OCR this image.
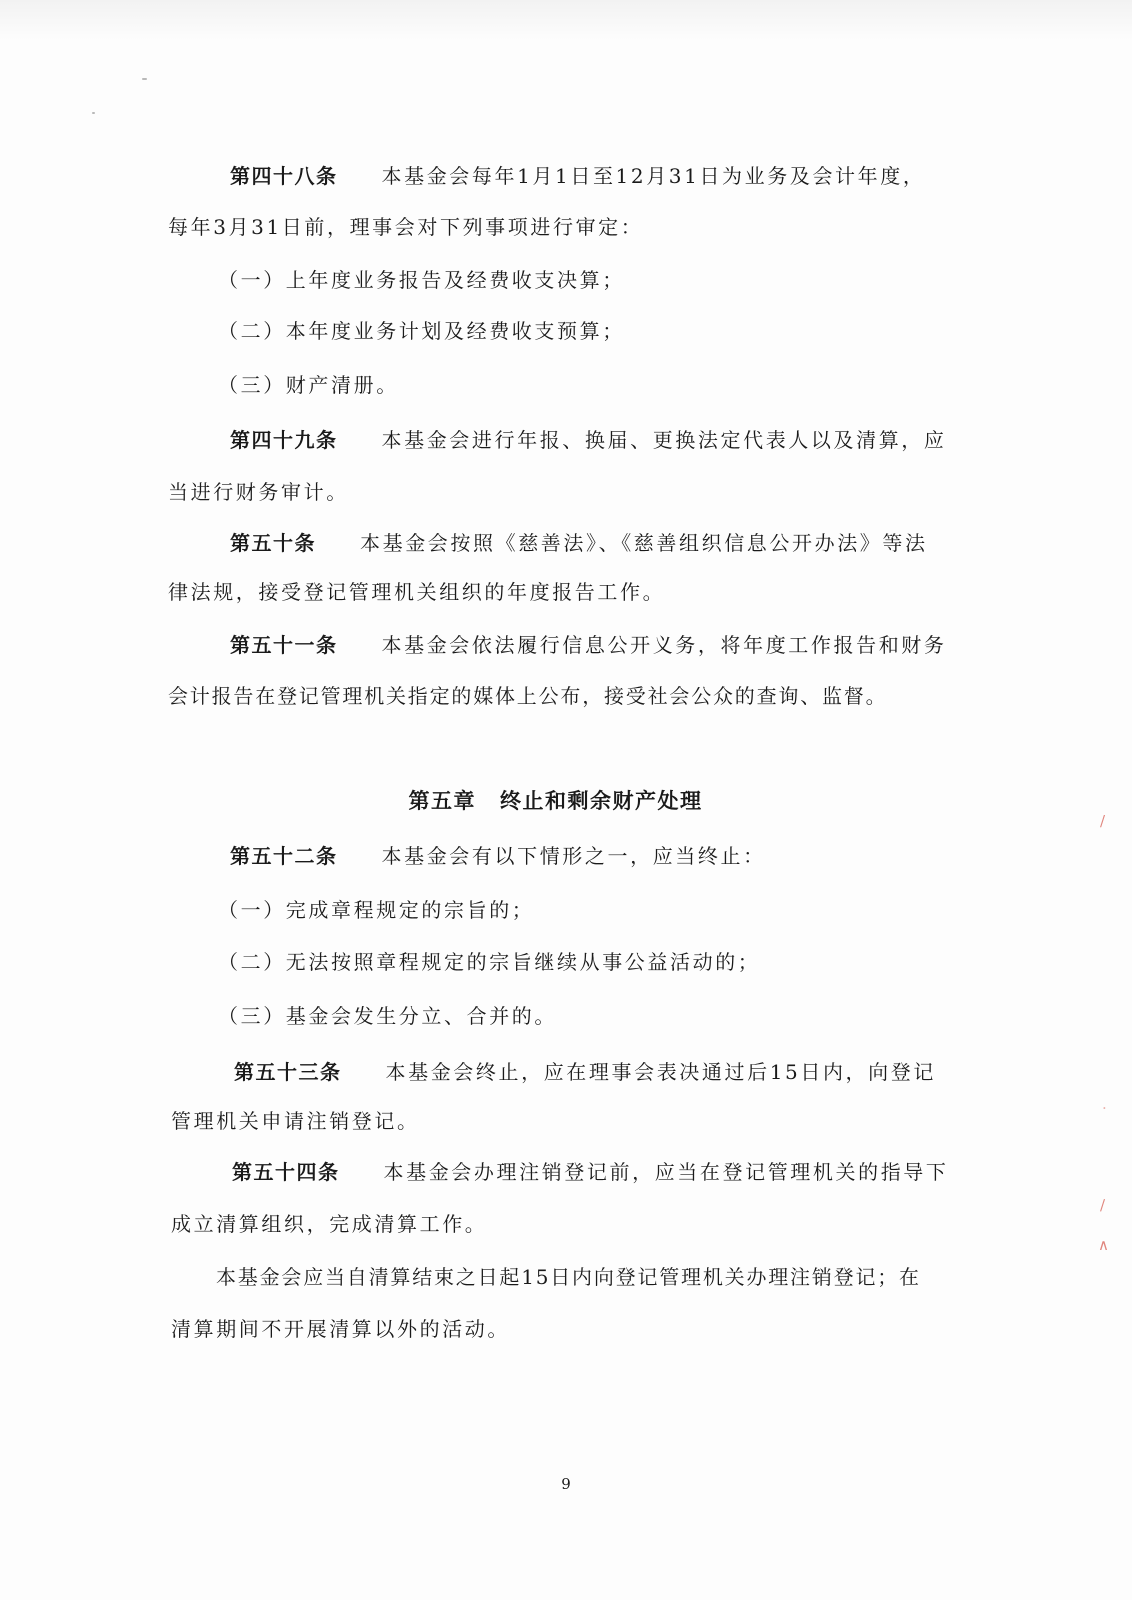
第四十八条 本基金会每年1月1日至12月31日为业务及会计年度，
每年3月31日前，理事会对下列事项进行审定：
（一）上年度业务报告及经费收支决算；
（二）本年度业务计划及经费收支预算；
（三）财产清册。
第四十九条 本基金会进行年报、换届、更换法定代表人以及清算，应
当进行财务审计。
第五十条 本基金会按照《慈善法》、《慈善组织信息公开办法》等法
律法规，接受登记管理机关组织的年度报告工作。
第五十一条 本基金会依法履行信息公开义务，将年度工作报告和财务
会计报告在登记管理机关指定的媒体上公布，接受社会公众的查询、监督。
第五章 终止和剩余财产处理
第五十二条 本基金会有以下情形之一，应当终止：
（一）完成章程规定的宗旨的；
（二）无法按照章程规定的宗旨继续从事公益活动的；
（三）基金会发生分立、合并的。
第五十三条 本基金会终止，应在理事会表决通过后15日内，向登记
管理机关申请注销登记。
第五十四条 本基金会办理注销登记前，应当在登记管理机关的指导下
成立清算组织，完成清算工作。
本基金会应当自清算结束之日起15日内向登记管理机关办理注销登记；在
清算期间不开展清算以外的活动。
/
·
∕
∧
9
